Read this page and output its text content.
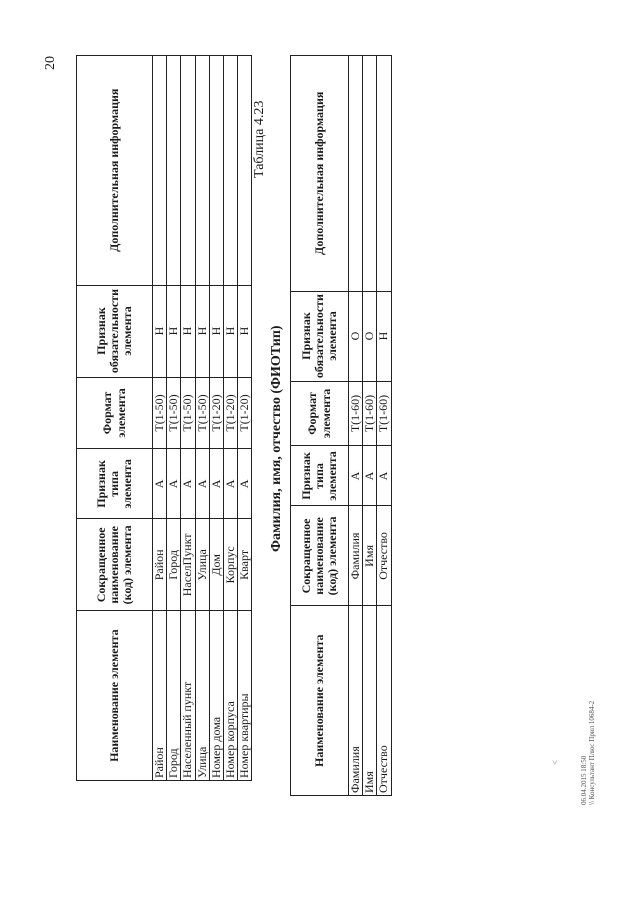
20
Наименование элемента	Сокращенное наименование (код) элемента	Признак типа элемента	Формат элемента	Признак обязательности элемента	Дополнительная информация
Район	Район	А	Т(1-50)	Н	
Город	Город	А	Т(1-50)	Н	
Населенный пункт	НаселПункт	А	Т(1-50)	Н	
Улица	Улица	А	Т(1-50)	Н	
Номер дома	Дом	А	Т(1-20)	Н	
Номер корпуса	Корпус	А	Т(1-20)	Н	
Номер квартиры	Кварт	А	Т(1-20)	Н	
Таблица 4.23
Фамилия, имя, отчество (ФИОТип)
Наименование элемента	Сокращенное наименование (код) элемента	Признак типа элемента	Формат элемента	Признак обязательности элемента	Дополнительная информация
Фамилия	Фамилия	А	Т(1-60)	О	
Имя	Имя	А	Т(1-60)	О	
Отчество	Отчество	А	Т(1-60)	Н	
<	06.04.2015 18:50 \\ Консультант Плюс Прил 10684-2
